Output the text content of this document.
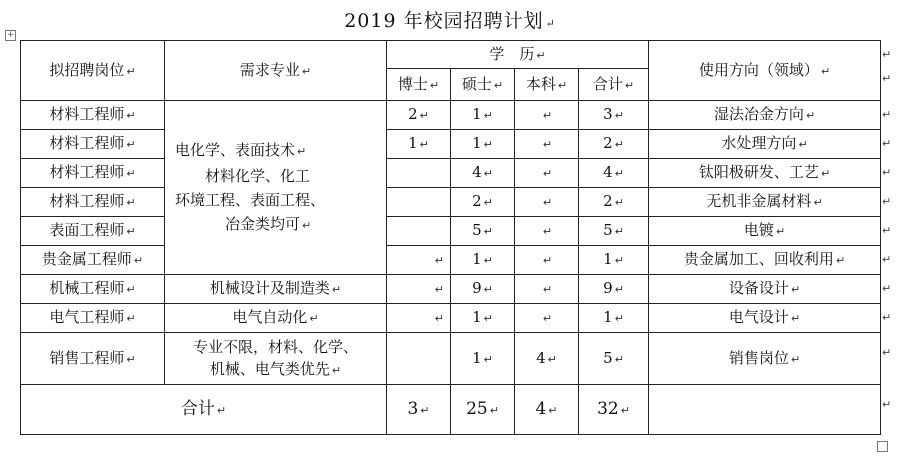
2019 年校园招聘计划 ↵
+
拟招聘岗位 ↵	需求专业 ↵	学　历 ↵				使用方向（领域） ↵
		博士 ↵	硕士 ↵	本科 ↵	合计 ↵	
材料工程师 ↵	电化学、表面技术 ↵
材料化学、化工
环境工程、表面工程、
冶金类均可 ↵	2 ↵	1 ↵	↵	3 ↵	湿法冶金方向 ↵
材料工程师 ↵		1 ↵	1 ↵	↵	2 ↵	水处理方向 ↵
材料工程师 ↵			4 ↵	↵	4 ↵	钛阳极研发、工艺 ↵
材料工程师 ↵			2 ↵	↵	2 ↵	无机非金属材料 ↵
表面工程师 ↵			5 ↵	↵	5 ↵	电镀 ↵
贵金属工程师 ↵		↵	1 ↵	↵	1 ↵	贵金属加工、回收利用 ↵
机械工程师 ↵	机械设计及制造类 ↵	↵	9 ↵	↵	9 ↵	设备设计 ↵
电气工程师 ↵	电气自动化 ↵	↵	1 ↵	↵	1 ↵	电气设计 ↵
销售工程师 ↵	专业不限，材料、化学、
机械、电气类优先 ↵		1 ↵	4 ↵	5 ↵	销售岗位 ↵
合计 ↵		3 ↵	25 ↵	4 ↵	32 ↵	
↵
↵
↵
↵
↵
↵
↵
↵
↵
↵
↵
↵
